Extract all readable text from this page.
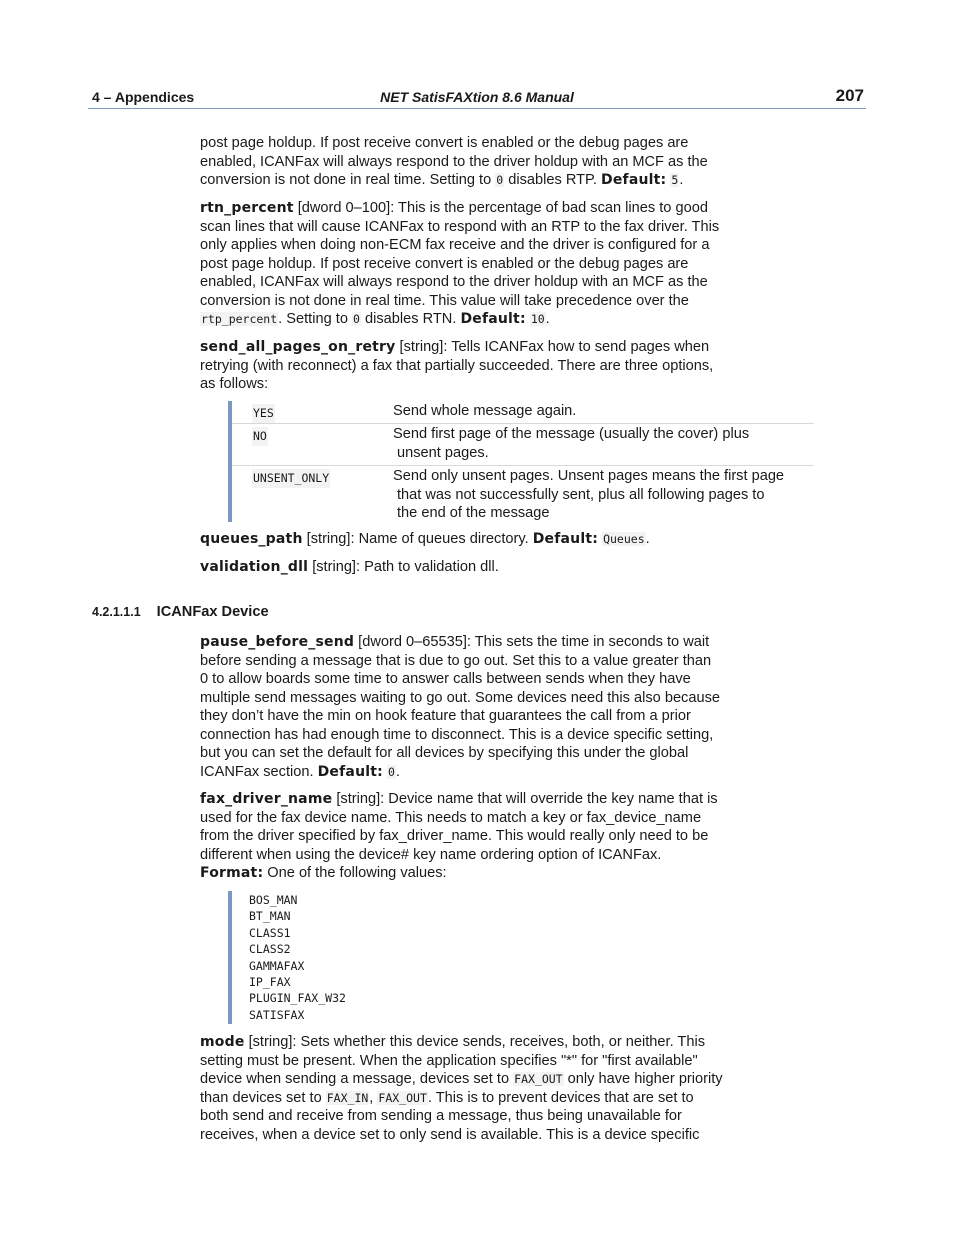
4 – Appendices	NET SatisFAXtion 8.6 Manual	207

post page holdup. If post receive convert is enabled or the debug pages are
enabled, ICANFax will always respond to the driver holdup with an MCF as the
conversion is not done in real time. Setting to 0 disables RTP. Default: 5.

rtn_percent [dword 0–100]: This is the percentage of bad scan lines to good
scan lines that will cause ICANFax to respond with an RTP to the fax driver. This
only applies when doing non-ECM fax receive and the driver is configured for a
post page holdup. If post receive convert is enabled or the debug pages are
enabled, ICANFax will always respond to the driver holdup with an MCF as the
conversion is not done in real time. This value will take precedence over the
rtp_percent. Setting to 0 disables RTN. Default: 10.

send_all_pages_on_retry [string]: Tells ICANFax how to send pages when
retrying (with reconnect) a fax that partially succeeded. There are three options,
as follows:

YES	Send whole message again.
NO	Send first page of the message (usually the cover) plus
unsent pages.
UNSENT_ONLY	Send only unsent pages. Unsent pages means the first page
that was not successfully sent, plus all following pages to
the end of the message

queues_path [string]: Name of queues directory. Default: Queues.

validation_dll [string]: Path to validation dll.

4.2.1.1.1 ICANFax Device

pause_before_send [dword 0–65535]: This sets the time in seconds to wait
before sending a message that is due to go out. Set this to a value greater than
0 to allow boards some time to answer calls between sends when they have
multiple send messages waiting to go out. Some devices need this also because
they don’t have the min on hook feature that guarantees the call from a prior
connection has had enough time to disconnect. This is a device specific setting,
but you can set the default for all devices by specifying this under the global
ICANFax section. Default: 0.

fax_driver_name [string]: Device name that will override the key name that is
used for the fax device name. This needs to match a key or fax_device_name
from the driver specified by fax_driver_name. This would really only need to be
different when using the device# key name ordering option of ICANFax.
Format: One of the following values:

BOS_MAN
BT_MAN
CLASS1
CLASS2
GAMMAFAX
IP_FAX
PLUGIN_FAX_W32
SATISFAX

mode [string]: Sets whether this device sends, receives, both, or neither. This
setting must be present. When the application specifies "*" for "first available"
device when sending a message, devices set to FAX_OUT only have higher priority
than devices set to FAX_IN, FAX_OUT. This is to prevent devices that are set to
both send and receive from sending a message, thus being unavailable for
receives, when a device set to only send is available. This is a device specific
